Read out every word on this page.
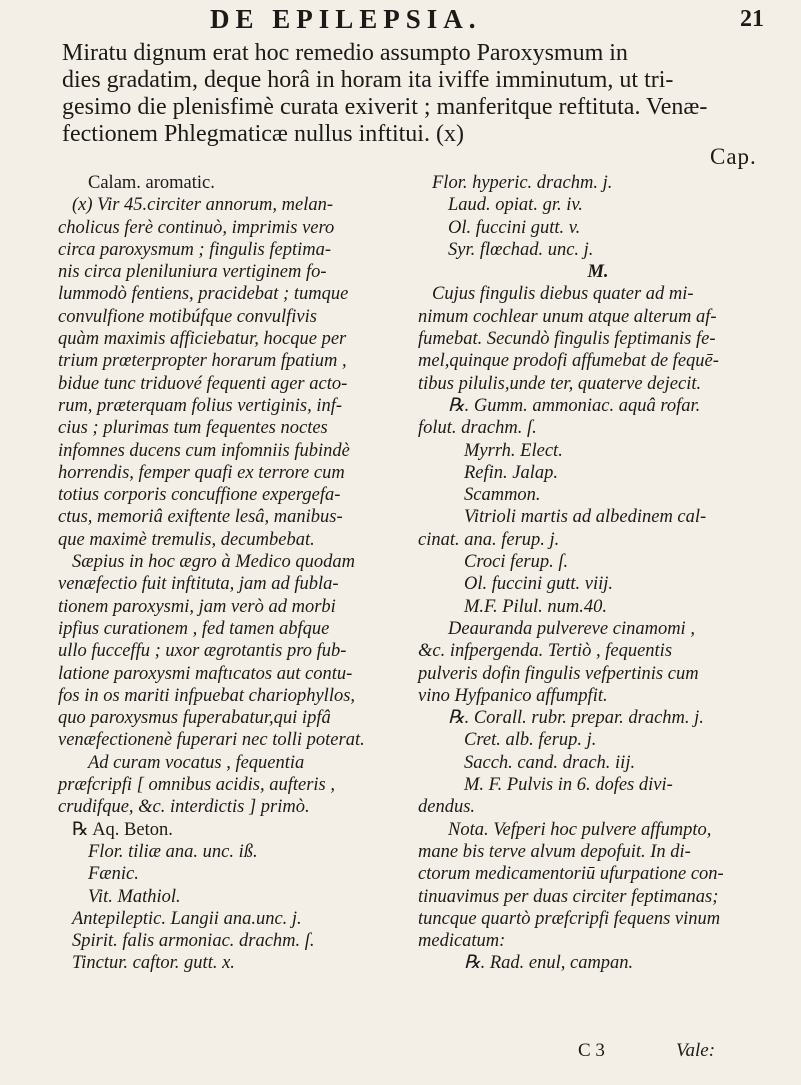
DE EPILEPSIA.	21
Miratu dignum erat hoc remedio assumpto Paroxysmum in
dies gradatim, deque horâ in horam ita iviffe imminutum, ut tri-
gesimo die plenisfimè curata exiverit ; manferitque reftituta. Venæ-
fectionem Phlegmaticæ nullus inftitui. (x)
Cap.
Calam. aromatic.
(x) Vir 45.circiter annorum, melan-
cholicus ferè continuò, imprimis vero
circa paroxysmum ; fingulis feptima-
nis circa pleniluniura vertiginem fo-
lummodò fentiens, pracidebat ; tumque
convulfione motibúfque convulfivis
quàm maximis afficiebatur, hocque per
trium prœterpropter horarum fpatium ,
bidue tunc triduové fequenti ager acto-
rum, præterquam folius vertiginis, inf-
cius ; plurimas tum fequentes noctes
infomnes ducens cum infomniis fubindè
horrendis, femper quafi ex terrore cum
totius corporis concuffione expergefa-
ctus, memoriâ exiftente lesâ, manibus-
que maximè tremulis, decumbebat.
Sæpius in hoc ægro à Medico quodam
venæfectio fuit inftituta, jam ad fubla-
tionem paroxysmi, jam verò ad morbi
ipfius curationem , fed tamen abfque
ullo fucceffu ; uxor ægrotantis pro fub-
latione paroxysmi maftıcatos aut contu-
fos in os mariti infpuebat chariophyllos,
quo paroxysmus fuperabatur,qui ipfâ
venæfectionenè fuperari nec tolli poterat.
Ad curam vocatus , fequentia
præfcripfi [ omnibus acidis, aufteris ,
crudifque, &c. interdictis ] primò.
℞ Aq. Beton.
Flor. tiliæ ana. unc. iß.
Fænic.
Vit. Mathiol.
Antepileptic. Langii ana.unc. j.
Spirit. falis armoniac. drachm. ſ.
Tinctur. caftor. gutt. x.
Flor. hyperic. drachm. j.
Laud. opiat. gr. iv.
Ol. fuccini gutt. v.
Syr. flœchad. unc. j.
M.
Cujus fingulis diebus quater ad mi-
nimum cochlear unum atque alterum af-
fumebat. Secundò fingulis feptimanis fe-
mel,quinque prodofi affumebat de fequē-
tibus pilulis,unde ter, quaterve dejecit.
℞. Gumm. ammoniac. aquâ rofar.
folut. drachm. ſ.
Myrrh. Elect.
Refin. Jalap.
Scammon.
Vitrioli martis ad albedinem cal-
cinat. ana. ferup. j.
Croci ferup. ſ.
Ol. fuccini gutt. viij.
M.F. Pilul. num.40.
Deauranda pulvereve cinamomi ,
&c. infpergenda. Tertiò , fequentis
pulveris dofin fingulis vefpertinis cum
vino Hyfpanico affumpfit.
℞. Corall. rubr. prepar. drachm. j.
Cret. alb. ferup. j.
Sacch. cand. drach. iij.
M. F. Pulvis in 6. dofes divi-
dendus.
Nota. Vefperi hoc pulvere affumpto,
mane bis terve alvum depofuit. In di-
ctorum medicamentoriū ufurpatione con-
tinuavimus per duas circiter feptimanas;
tuncque quartò præfcripfi fequens vinum
medicatum:
℞. Rad. enul, campan.
C 3	Vale:
